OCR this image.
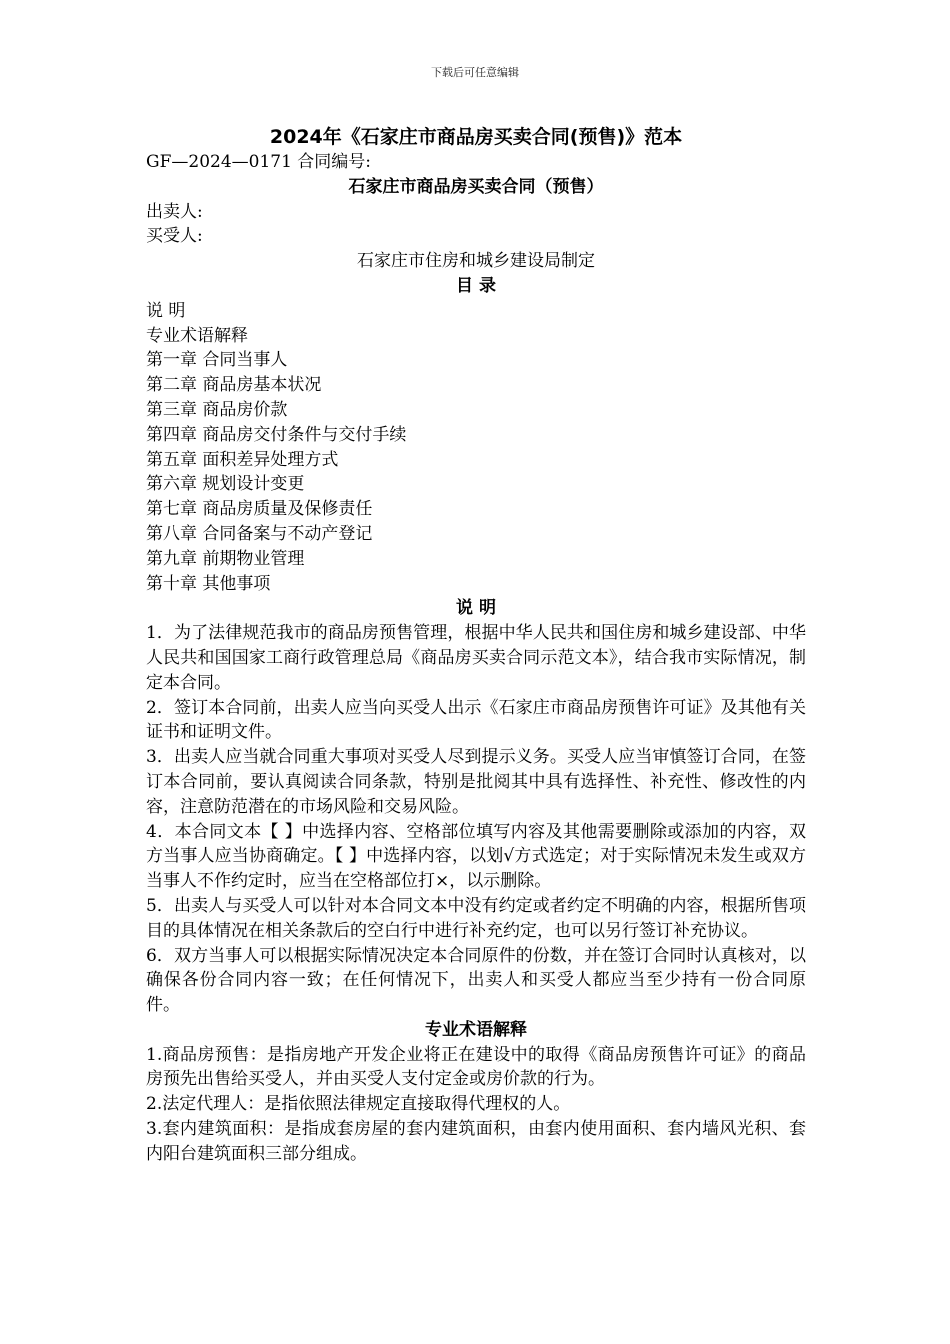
下载后可任意编辑

2024年《石家庄市商品房买卖合同(预售)》范本

GF—2024—0171 合同编号:

石家庄市商品房买卖合同（预售）

出卖人:

买受人:

石家庄市住房和城乡建设局制定

目 录

说 明

专业术语解释

第一章 合同当事人

第二章 商品房基本状况

第三章 商品房价款

第四章 商品房交付条件与交付手续

第五章 面积差异处理方式

第六章 规划设计变更

第七章 商品房质量及保修责任

第八章 合同备案与不动产登记

第九章 前期物业管理

第十章 其他事项

说 明

1．为了法律规范我市的商品房预售管理，根据中华人民共和国住房和城乡建设部、中华人民共和国国家工商行政管理总局《商品房买卖合同示范文本》，结合我市实际情况，制定本合同。

2．签订本合同前，出卖人应当向买受人出示《石家庄市商品房预售许可证》及其他有关证书和证明文件。

3．出卖人应当就合同重大事项对买受人尽到提示义务。买受人应当审慎签订合同，在签订本合同前，要认真阅读合同条款，特别是批阅其中具有选择性、补充性、修改性的内容，注意防范潜在的市场风险和交易风险。

4．本合同文本【 】中选择内容、空格部位填写内容及其他需要删除或添加的内容，双方当事人应当协商确定。【 】中选择内容，以划√方式选定；对于实际情况未发生或双方当事人不作约定时，应当在空格部位打×，以示删除。

5．出卖人与买受人可以针对本合同文本中没有约定或者约定不明确的内容，根据所售项目的具体情况在相关条款后的空白行中进行补充约定，也可以另行签订补充协议。

6．双方当事人可以根据实际情况决定本合同原件的份数，并在签订合同时认真核对，以确保各份合同内容一致；在任何情况下，出卖人和买受人都应当至少持有一份合同原件。

专业术语解释

1.商品房预售：是指房地产开发企业将正在建设中的取得《商品房预售许可证》的商品房预先出售给买受人，并由买受人支付定金或房价款的行为。

2.法定代理人：是指依照法律规定直接取得代理权的人。

3.套内建筑面积：是指成套房屋的套内建筑面积，由套内使用面积、套内墙风光积、套内阳台建筑面积三部分组成。
